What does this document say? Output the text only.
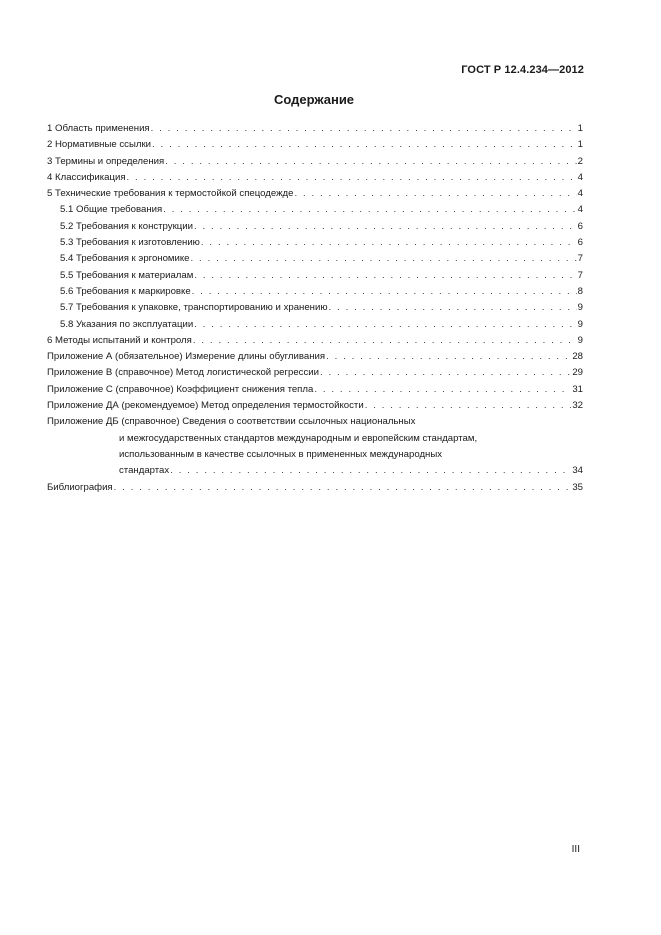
ГОСТ Р 12.4.234—2012
Содержание
1 Область применения . . .	1
2 Нормативные ссылки . . .	1
3 Термины и определения . . .	2
4 Классификация . . .	4
5 Технические требования к термостойкой спецодежде . . .	4
5.1 Общие требования . . .	4
5.2 Требования к конструкции . . .	6
5.3 Требования к изготовлению . . .	6
5.4 Требования к эргономике . . .	7
5.5 Требования к материалам . . .	7
5.6 Требования к маркировке . . .	8
5.7 Требования к упаковке, транспортированию и хранению . . .	9
5.8 Указания по эксплуатации . . .	9
6 Методы испытаний и контроля . . .	9
Приложение А (обязательное) Измерение длины обугливания . . .	28
Приложение В (справочное) Метод логистической регрессии . . .	29
Приложение С (справочное) Коэффициент снижения тепла . . .	31
Приложение ДА (рекомендуемое) Метод определения термостойкости . . .	32
Приложение ДБ (справочное) Сведения о соответствии ссылочных национальных
и межгосударственных стандартов международным и европейским стандартам,
использованным в качестве ссылочных в примененных международных
стандартах . . .	34
Библиография . . .	35
III
